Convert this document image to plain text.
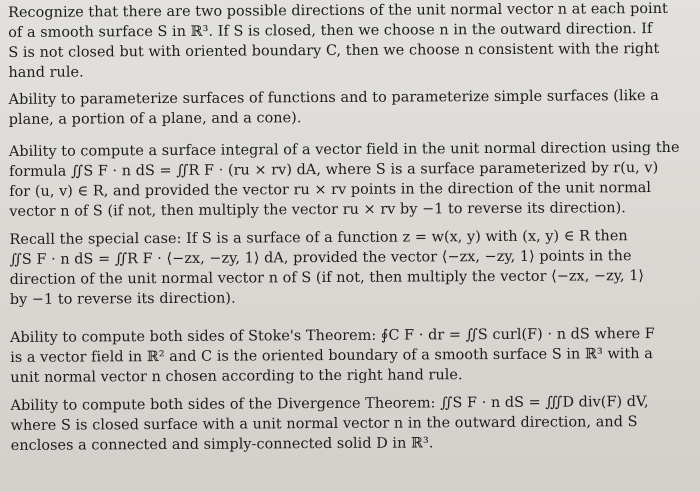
Recognize that there are two possible directions of the unit normal vector n at each point
of a smooth surface S in ℝ³. If S is closed, then we choose n in the outward direction. If
S is not closed but with oriented boundary C, then we choose n consistent with the right
hand rule.

Ability to parameterize surfaces of functions and to parameterize simple surfaces (like a
plane, a portion of a plane, and a cone).

Ability to compute a surface integral of a vector field in the unit normal direction using the
formula ∬S F · n dS = ∬R F · (ru × rv) dA, where S is a surface parameterized by r(u, v)
for (u, v) ∈ R, and provided the vector ru × rv points in the direction of the unit normal
vector n of S (if not, then multiply the vector ru × rv by −1 to reverse its direction).

Recall the special case: If S is a surface of a function z = w(x, y) with (x, y) ∈ R then
∬S F · n dS = ∬R F · ⟨−zx, −zy, 1⟩ dA, provided the vector ⟨−zx, −zy, 1⟩ points in the
direction of the unit normal vector n of S (if not, then multiply the vector ⟨−zx, −zy, 1⟩
by −1 to reverse its direction).

Ability to compute both sides of Stoke's Theorem: ∮C F · dr = ∬S curl(F) · n dS where F
is a vector field in ℝ² and C is the oriented boundary of a smooth surface S in ℝ³ with a
unit normal vector n chosen according to the right hand rule.

Ability to compute both sides of the Divergence Theorem: ∬S F · n dS = ∭D div(F) dV,
where S is closed surface with a unit normal vector n in the outward direction, and S
encloses a connected and simply-connected solid D in ℝ³.
